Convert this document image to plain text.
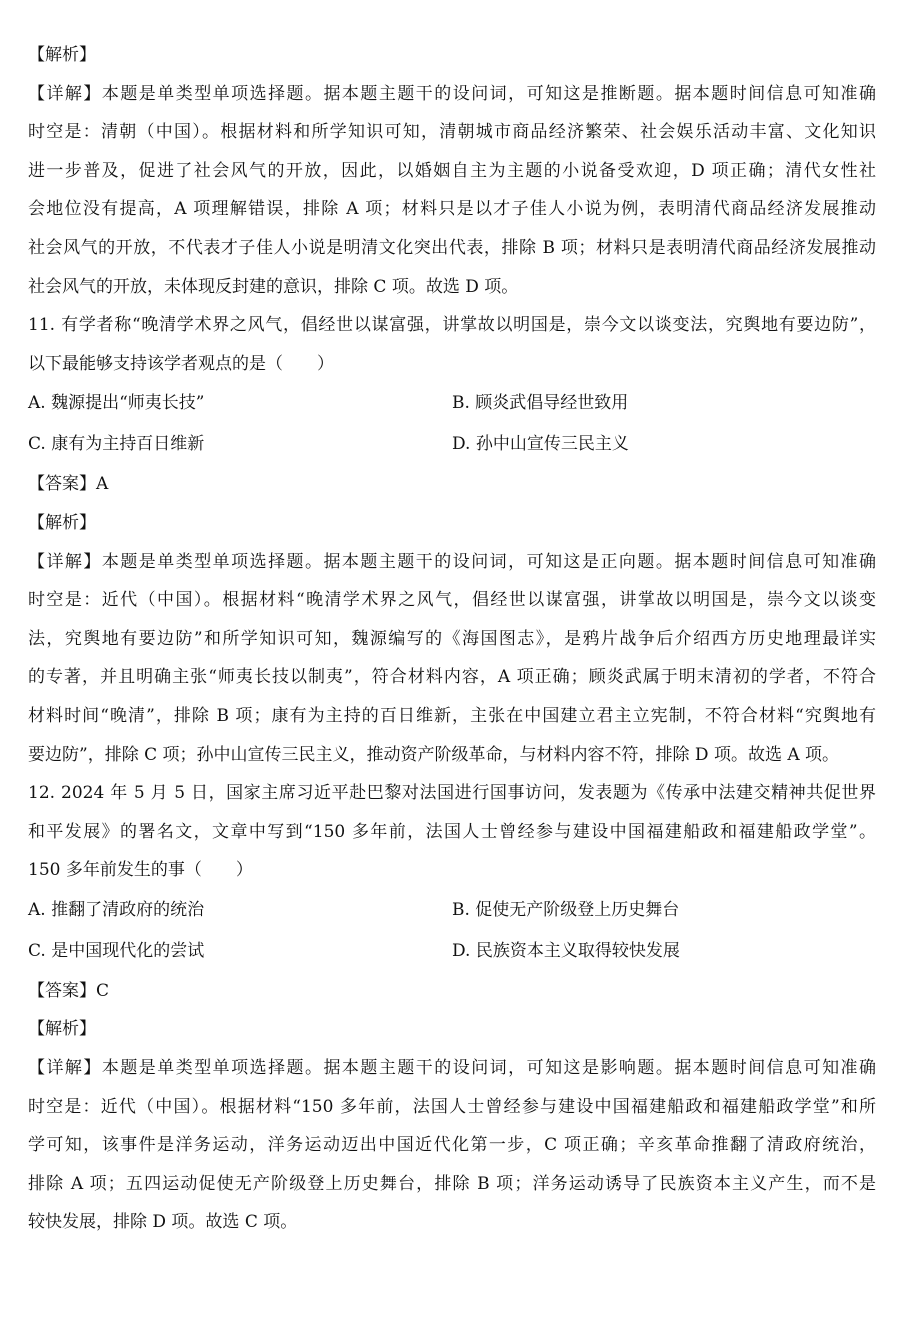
【解析】
【详解】本题是单类型单项选择题。据本题主题干的设问词，可知这是推断题。据本题时间信息可知准确
时空是：清朝（中国）。根据材料和所学知识可知，清朝城市商品经济繁荣、社会娱乐活动丰富、文化知识
进一步普及，促进了社会风气的开放，因此，以婚姻自主为主题的小说备受欢迎，D 项正确；清代女性社
会地位没有提高，A 项理解错误，排除 A 项；材料只是以才子佳人小说为例，表明清代商品经济发展推动
社会风气的开放，不代表才子佳人小说是明清文化突出代表，排除 B 项；材料只是表明清代商品经济发展推动
社会风气的开放，未体现反封建的意识，排除 C 项。故选 D 项。
11. 有学者称“晚清学术界之风气，倡经世以谋富强，讲掌故以明国是，崇今文以谈变法，究舆地有要边防”，
以下最能够支持该学者观点的是（　　）
A. 魏源提出“师夷长技”	B. 顾炎武倡导经世致用
C. 康有为主持百日维新	D. 孙中山宣传三民主义
【答案】A
【解析】
【详解】本题是单类型单项选择题。据本题主题干的设问词，可知这是正向题。据本题时间信息可知准确
时空是：近代（中国）。根据材料“晚清学术界之风气，倡经世以谋富强，讲掌故以明国是，崇今文以谈变
法，究舆地有要边防”和所学知识可知，魏源编写的《海国图志》，是鸦片战争后介绍西方历史地理最详实
的专著，并且明确主张“师夷长技以制夷”，符合材料内容，A 项正确；顾炎武属于明末清初的学者，不符合
材料时间“晚清”，排除 B 项；康有为主持的百日维新，主张在中国建立君主立宪制，不符合材料“究舆地有
要边防”，排除 C 项；孙中山宣传三民主义，推动资产阶级革命，与材料内容不符，排除 D 项。故选 A 项。
12. 2024 年 5 月 5 日，国家主席习近平赴巴黎对法国进行国事访问，发表题为《传承中法建交精神共促世界
和平发展》的署名文，文章中写到“150 多年前，法国人士曾经参与建设中国福建船政和福建船政学堂”。
150 多年前发生的事（　　）
A. 推翻了清政府的统治	B. 促使无产阶级登上历史舞台
C. 是中国现代化的尝试	D. 民族资本主义取得较快发展
【答案】C
【解析】
【详解】本题是单类型单项选择题。据本题主题干的设问词，可知这是影响题。据本题时间信息可知准确
时空是：近代（中国）。根据材料“150 多年前，法国人士曾经参与建设中国福建船政和福建船政学堂”和所
学可知，该事件是洋务运动，洋务运动迈出中国近代化第一步，C 项正确；辛亥革命推翻了清政府统治，
排除 A 项；五四运动促使无产阶级登上历史舞台，排除 B 项；洋务运动诱导了民族资本主义产生，而不是
较快发展，排除 D 项。故选 C 项。
